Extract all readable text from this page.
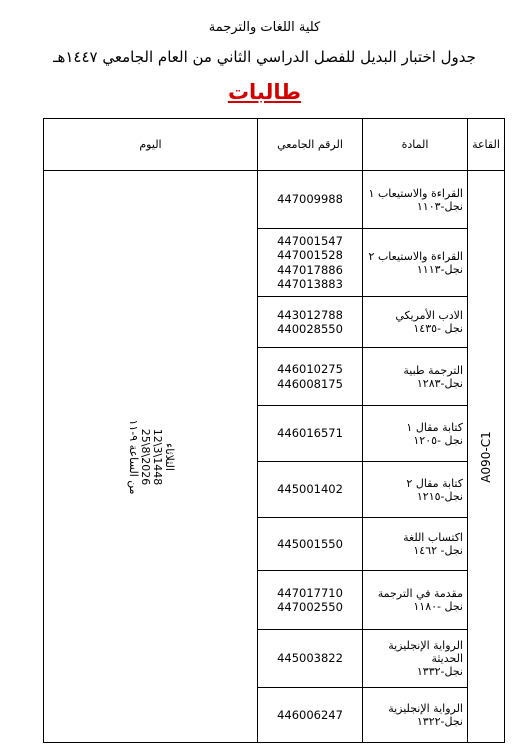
كلية اللغات والترجمة
جدول اختبار البديل للفصل الدراسي الثاني من العام الجامعي ١٤٤٧هـ
طالبات
اليوم	الرقم الجامعي	المادة	القاعة

الثلاثاء
12\3\1448
25\8\2026
من الساعة ٩-١١	447009988	القراءة والاستيعاب ١
نجل-١١٠٣	A090-C1

	447001547
447001528
447017886
447013883	القراءة والاستيعاب ٢
نجل-١١١٣	

	443012788
440028550	الادب الأمريكي
نجل -١٤٣٥	

	446010275
446008175	الترجمة طبية
نجل-١٢٨٣	

	446016571	كتابة مقال ١
نجل -١٢٠٥	

	445001402	كتابة مقال ٢
نجل-١٢١٥	

	445001550	اكتساب اللغة
نجل- ١٤٦٢	

	447017710
447002550	مقدمة في الترجمة
نجل -١١٨٠	

	445003822	الرواية الإنجليزية
الحديثة
نجل-١٣٣٢	

	446006247	الرواية الإنجليزية
نجل-١٣٢٢	
